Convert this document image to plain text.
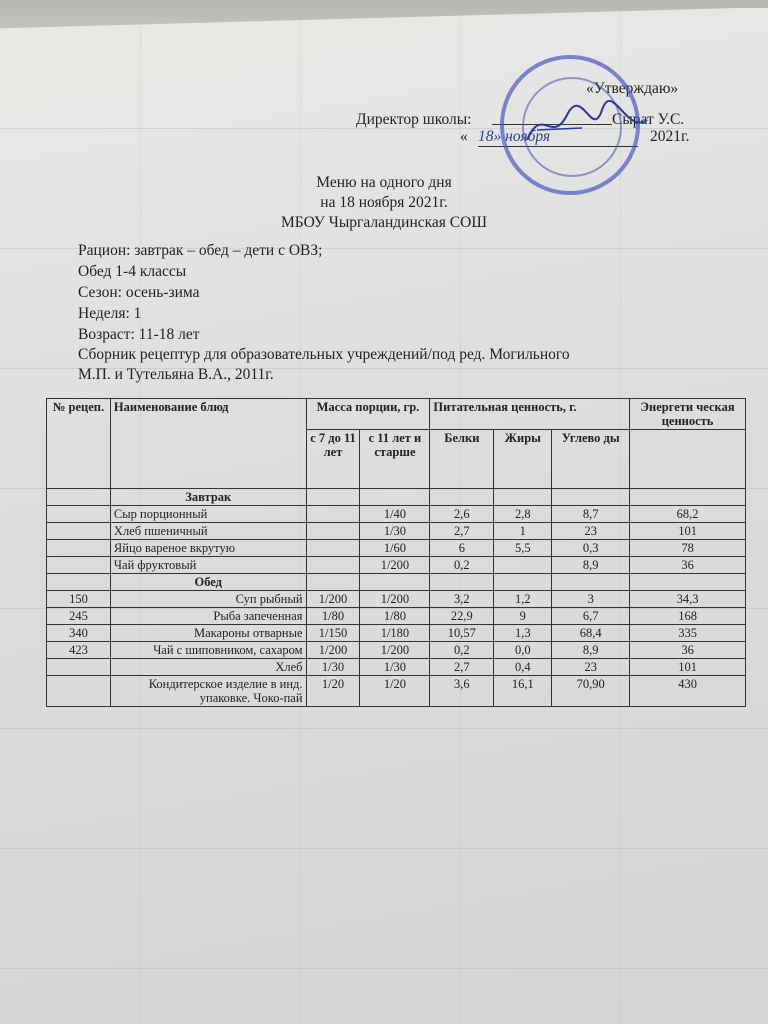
«Утверждаю»
Директор школы:	Сырат У.С.
« 18» ноября	2021г.
Меню на одного дня
на 18 ноября 2021г.
МБОУ Чыргаландинская СОШ
Рацион: завтрак – обед – дети с ОВЗ;
Обед 1-4 классы
Сезон: осень-зима
Неделя: 1
Возраст: 11-18 лет
Сборник рецептур для образовательных учреждений/под ред. Могильного
М.П. и Тутельяна В.А., 2011г.
№ рецеп.	Наименование блюд	Масса порции, гр.		Питательная ценность, г.			Энергети ческая ценность
		с 7 до 11 лет	с 11 лет и старше	Белки	Жиры	Углево ды	
	Завтрак						
	Сыр порционный		1/40	2,6	2,8	8,7	68,2
	Хлеб пшеничный		1/30	2,7	1	23	101
	Яйцо вареное вкрутую		1/60	6	5,5	0,3	78
	Чай фруктовый		1/200	0,2		8,9	36
	Обед						
150	Суп рыбный	1/200	1/200	3,2	1,2	3	34,3
245	Рыба запеченная	1/80	1/80	22,9	9	6,7	168
340	Макароны отварные	1/150	1/180	10,57	1,3	68,4	335
423	Чай с шиповником, сахаром	1/200	1/200	0,2	0,0	8,9	36
	Хлеб	1/30	1/30	2,7	0,4	23	101
	Кондитерское изделие в инд. упаковке. Чоко-пай	1/20	1/20	3,6	16,1	70,90	430
